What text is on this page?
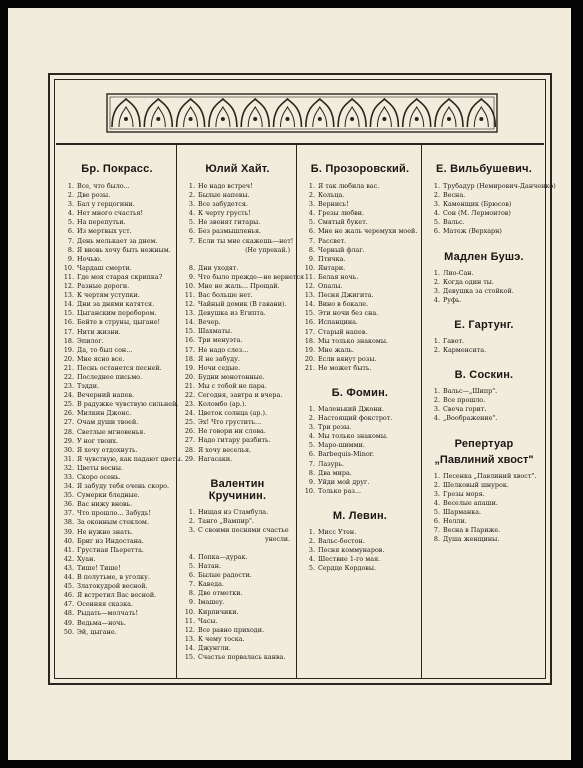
Бр. Покрасс.
1. Все, что было...
2. Две розы.
3. Бал у герцогини.
4. Нет много счастья!
5. На перепутьи.
6. Из мертвых уст.
7. День мелькает за днем.
8. Я вновь хочу быть нежным.
9. Ночью.
10. Чардаш смерти.
11. Где моя старая скрипка?
12. Разные дороги.
13. К чертям уступки.
14. Дни за днями катятся.
15. Цыганским перебором.
16. Бейте в струны, цыгане!
17. Нити жизни.
18. Эпилог.
19. Да, то был сон...
20. Мне ясно все.
21. Песнь останется песней.
22. Последнее письмо.
23. Тэдди.
24. Вечерний напев.
25. В радужке чувствую сильней.
26. Милкин Джонс.
27. Очам души твоей.
28. Светлые мгновенья.
29. У ног твоих.
30. Я хочу отдохнуть.
31. Я чувствую, как падают цветы.
32. Цветы весны.
33. Скоро осень.
34. Я забуду тебя очень скоро.
35. Сумерки бледные.
36. Вас нижу вновь.
37. Что прошло... Забудь!
38. За оконным стеклом.
39. Не нужно знать.
40. Бриг из Индостана.
41. Грустная Пьеретта.
42. Хуан.
43. Тише! Тише!
44. В полутьме, в уголку.
45. Златокудрой весной.
46. Я встретил Вас весной.
47. Осенняя сказка.
48. Рыдать—молчать!
49. Ведьма—ночь.
50. Эй, цыгане.
Юлий Хайт.
1. Не надо встреч!
2. Былые напевы.
3. Все забудется.
4. К черту грусть!
5. Не звенят гитары.
6. Без размышленья.
7. Если ты мне скажешь—нет!
(Не упрекай.)
8. Дни уходят.
9. Что было прежде—не вернется
10. Мне не жаль... Прощай.
11. Вас больше нет.
12. Чайный домик (В гавани).
13. Девушка из Египта.
14. Вечер.
15. Шахматы.
16. Три менуэта.
17. Не надо слез...
18. Я не забуду.
19. Ночи седые.
20. Будни монотонные.
21. Мы с тобой не пара.
22. Сегодня, завтра и вчера.
23. Коломбо (ар.).
24. Цветок солнца (ар.).
25. Эх! Что грустить...
26. Не говори ни слова.
27. Надо гитару разбить.
28. Я хочу веселья.
29. Нагасаки.
Валентин Кручинин.
1. Нищая из Стамбула.
2. Танго „Вампир".
3. С своими песнями счастье
унесли.
4. Попка—дурак.
5. Натан.
6. Былые радости.
7. Каведа.
8. Две отметки.
9. Iмашеу.
10. Кирпичики.
11. Часы.
12. Все равно приходи.
13. К чему тоска.
14. Джунгли.
15. Счастье порвалась канва.
Б. Прозоровский.
1. Я так любила вас.
2. Кольца.
3. Вернись!
4. Грезы любви.
5. Смятый букет.
6. Мне не жаль черемухи моей.
7. Рассвет.
8. Черный флаг.
9. Птичка.
10. Янтари.
11. Белая ночь.
12. Опалы.
13. Песня Джигита.
14. Вино в бокале.
15. Эти ночи без сна.
16. Испанцина.
17. Старый напев.
18. Мы только знакомы.
19. Мне жаль.
20. Если вянут розы.
21. Не может быть.
Б. Фомин.
1. Маленький Джони.
2. Настоящий фокстрот.
3. Три розы.
4. Мы только знакомы.
5. Маро-шимми.
6. Barbequis-Minor.
7. Лазурь.
8. Два мира.
9. Уйди мой друг.
10. Только раз...
М. Левин.
1. Мисс Утен.
2. Вальс-бостон.
3. Песня коммунаров.
4. Шествие 1-го мая.
5. Сердце Кордовы.
Е. Вильбушевич.
1. Трубадур (Немирович-Данченко)
2. Весна.
3. Каменщик (Брюсов)
4. Сон (М. Лермонтов)
5. Вальс.
6. Матеж (Верхарн)
Мадлен Бушэ.
1. Лио-Сан.
2. Когда один ты.
3. Девушка за стойкой.
4. Руфь.
Е. Гартунг.
1. Гавот.
2. Карменсита.
В. Соскин.
1. Вальс—„Шипр".
2. Все прошло.
3. Свеча горит.
4. „Воображение".
Репертуар
„Павлиний хвост"
1. Песенка „Павлиний хвост".
2. Шелковый шнурок.
3. Грезы моря.
4. Веселые апаши.
5. Шарманка.
6. Нелли.
7. Весна в Париже.
8. Душа женщины.
